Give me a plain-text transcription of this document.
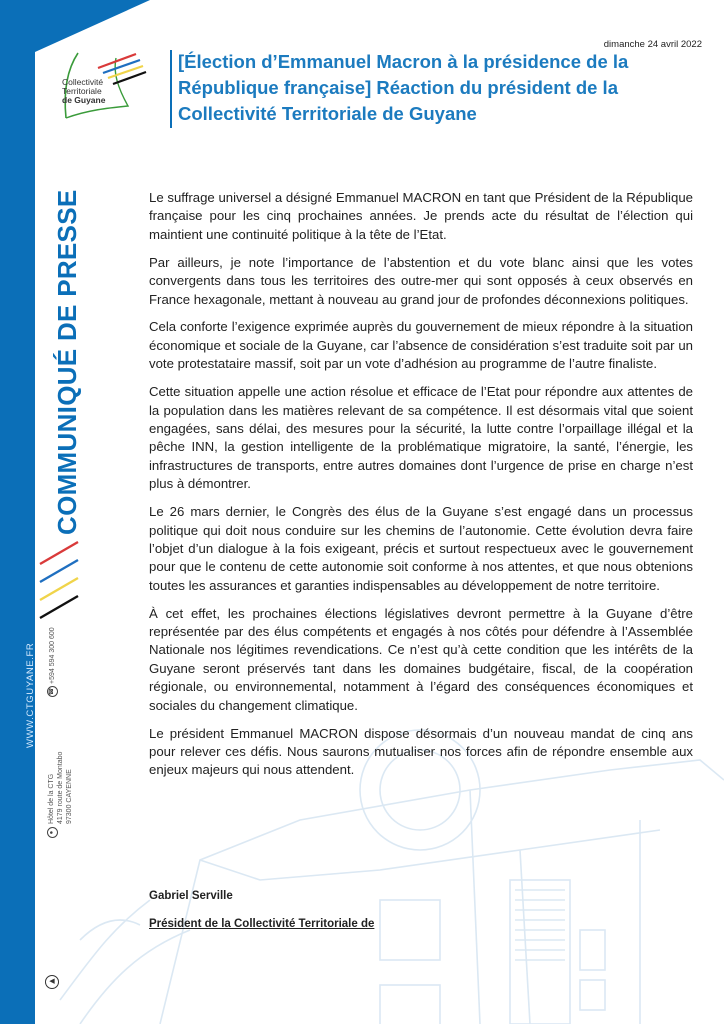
Collectivité
Territoriale
de Guyane
dimanche 24 avril 2022
[Élection d’Emmanuel Macron à la présidence de la République française] Réaction du président de la Collectivité Territoriale de Guyane
COMMUNIQUÉ DE PRESSE
WWW.CTGUYANE.FR	☎
+594 594 300 600
●
Hôtel de la CTG 4179 route de Montabo 97300 CAYENNE
◀

Le suffrage universel a désigné Emmanuel MACRON en tant que Président de la République française pour les cinq prochaines années. Je prends acte du résultat de l’élection qui maintient une continuité politique à la tête de l’Etat.

Par ailleurs, je note l’importance de l’abstention et du vote blanc ainsi que les votes convergents dans tous les territoires des outre-mer qui sont opposés à ceux observés en France hexagonale, mettant à nouveau au grand jour de profondes déconnexions politiques.

Cela conforte l’exigence exprimée auprès du gouvernement de mieux répondre à la situation économique et sociale de la Guyane, car l’absence de considération s’est traduite soit par un vote protestataire massif, soit par un vote d’adhésion au programme de l’autre finaliste.

Cette situation appelle une action résolue et efficace de l’Etat pour répondre aux attentes de la population dans les matières relevant de sa compétence. Il est désormais vital que soient engagées, sans délai, des mesures pour la sécurité, la lutte contre l’orpaillage illégal et la pêche INN, la gestion intelligente de la problématique migratoire, la santé, l’énergie, les infrastructures de transports, entre autres domaines dont l’urgence de prise en charge n’est plus à démontrer.

Le 26 mars dernier, le Congrès des élus de la Guyane s’est engagé dans un processus politique qui doit nous conduire sur les chemins de l’autonomie. Cette évolution devra faire l’objet d’un dialogue à la fois exigeant, précis et surtout respectueux avec le gouvernement pour que le contenu de cette autonomie soit conforme à nos attentes, et que nous obtenions toutes les assurances et garanties indispensables au développement de notre territoire.

À cet effet, les prochaines élections législatives devront permettre à la Guyane d’être représentée par des élus compétents et engagés à nos côtés pour défendre à l’Assemblée Nationale nos légitimes revendications. Ce n’est qu’à cette condition que les intérêts de la Guyane seront préservés tant dans les domaines budgétaire, fiscal, de la coopération régionale, ou environnemental, notamment à l’égard des conséquences économiques et sociales du changement climatique.

Le président Emmanuel MACRON dispose désormais d’un nouveau mandat de cinq ans pour relever ces défis. Nous saurons mutualiser nos forces afin de répondre ensemble aux enjeux majeurs qui nous attendent.

Gabriel Serville
Président de la Collectivité Territoriale de
